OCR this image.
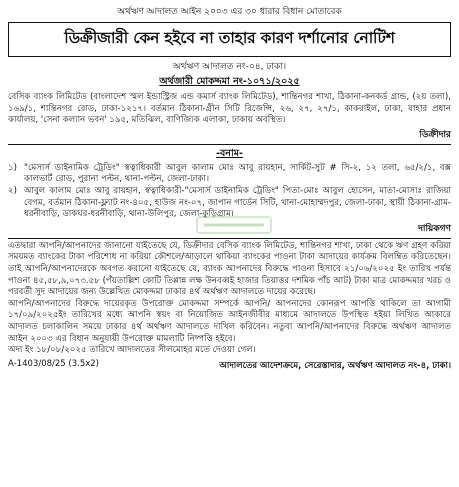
অর্থঋণ আদালত আইন ২০০৩ এর ৩০ ধারার বিধান মোতাবেক
ডিক্রীজারী কেন হইবে না তাহার কারণ দর্শানোর নোটিশ
অর্থঋণ আদালত নং-০৪, ঢাকা।
অর্থজারী মোকদ্দমা নং-১০৭১/২০২৫
বেসিক ব্যাংক লিমিটেড (বাংলাদেশ স্মল ইন্ডাস্ট্রিজ এন্ড কমার্স ব্যাংক লিমিটেড), শান্তিনগর শাখা, ঠিকানা-কনকর্ড গ্রান্ড, (২য় তলা), ১৬৯/১, শান্তিনগর রোড, ঢাকা-১২১৭। বর্তমান ঠিকানা-গ্রীন সিটি রিজেন্সি, ২৬, ২৭, ২৭/১, কাকরাইল, ঢাকা, যাহার প্রধান কার্যালয়, 'সেনা কল্যান ভবন' ১৯৫, মতিঝিল, বাণিজ্যিক এলাকা, ঢাকায় অবস্থিত।
ডিক্রীদার
-বনাম-
১) "মেসার্স ডাইনামিক ট্রেডিং" স্বত্বাধিকারী আবুল কালাম মোঃ আবু রায়হান, সার্কিট-সুট # সি-২, ১২ তলা, ৬৫/২/১, বক্স কালভার্ট রোড, পুরানা পল্টন, থানা-পল্টন, জেলা-ঢাকা।
২) আবুল কালাম মোঃ আবু রায়হান, স্বত্বাধিকারী-"মেসার্স ডাইনামিক ট্রেডিং" পিতা-মোঃ আবুল হোসেন, মাতা-মোসাঃ রাজিয়া বেগম, বর্তমান ঠিকানা-ফ্ল্যাট নং-৪০৫, হাউজ নং-০৭, জাপান গার্ডেন সিটি, থানা-মোহাম্মদপুর, জেলা-ঢাকা, স্থায়ী ঠিকানা-গ্রাম- ধরনীবাড়ি, ডাকঘর-ধরনীবাড়ি, থানা-উলিপুর, জেলা-কুড়িগ্রাম।
দায়িকগণ
এতদ্বারা আপনি/আপনাদের জানানো যাইতেছে যে, ডিক্রীদার বেসিক ব্যাংক লিমিটেড, শান্তিনগর শাখা, ঢাকা থেকে ঋণ গ্রহণ করিয়া সময়মত ব্যাংকের টাকা পরিশোধ না করিয়া কৌশলে/আড়ালে থাকিয়া ব্যাংকের পাওনা টাকা আদায়ের কার্যক্রম বিলম্বিত করিতেছেন। তাই আপনি/আপনাদেরকে অবগত করানো যাইতেছে যে, ব্যাংক আপনাদের বিরুদ্ধে পাওনা হিসাবে ২১/০৬/২০২৫ ইং তারিখ পর্যন্ত পাওনা ৪৫,৫৮,৯,০৭৩.৫৮ (পঁয়তাল্লিশ কোটি তিপ্পান্ন লক্ষ উনবব্বই হাজার তিয়াত্তর দশমিক পাঁচ আট) টাকা মাত্র মোকদ্দমার খরচ ও পরবর্তী সুদ আদায়ের জন্য উল্লেখিত মোকদ্দমা ঢাকার ৪র্থ অর্থঋণ আদালতে দায়ের করেছে।
আপনি/আপনাদের বিরুদ্ধে দায়েরকৃত উপরোক্ত মোকদ্দমা সম্পর্কে আপনি/ আপনাদের কোনরূপ আপত্তি থাকিলে তা আগামী ১৭/০৯/২০২৫ইং তারিখের মধ্যে আপনি স্বয়ং বা নিয়োজিত আইনজীবীর মাধ্যমে আদালতে উপস্থিত হইয়া লিখিত আকারে আদালত চলাকালিন সময়ে ঢাকার ৪র্থ অর্থঋণ আদালতে দাখিল করিবেন। নতুবা আপনি/আপনাদের বিরুদ্ধে অর্থঋণ আদালত আইন ২০০৩ এর বিধান অনুযায়ী উপরোক্ত মামলাটি নিষ্পত্তি হইবে।
অদ্য ইং ১৮/০৮/২০২৫ তারিখে আদালতের সীলমোহর মতে দেওয়া গেল।
A-1403/08/25 (3.5x2)	আদালতের আদেশক্রমে, সেরেস্তাদার, অর্থঋণ আদালত নং-৪, ঢাকা।
